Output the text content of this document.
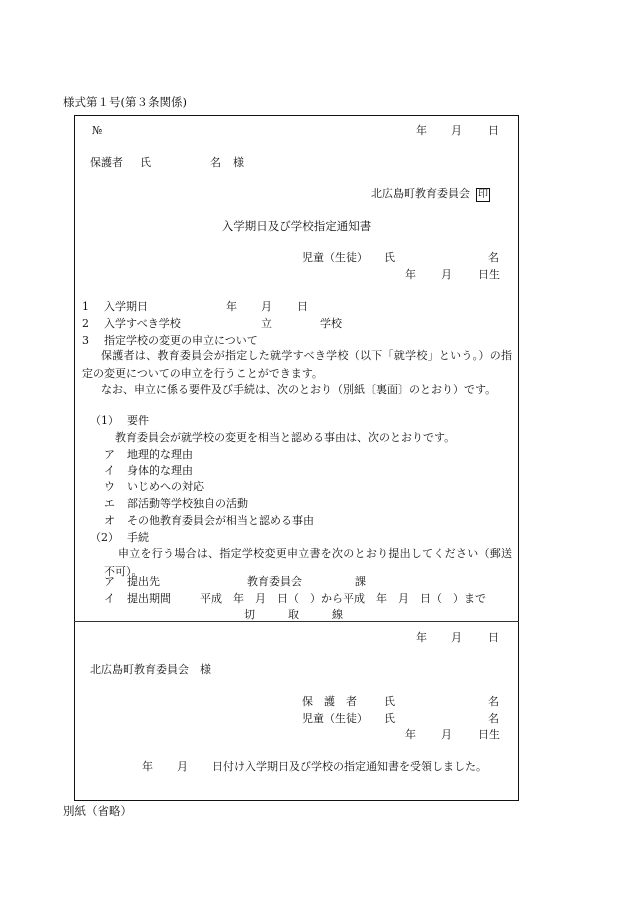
様式第１号(第３条関係)
№	年 月 日
保護者 氏	名 様
北広島町教育委員会 印
入学期日及び学校指定通知書
児童（生徒） 氏	名
年 月 日生
1 入学期日	年 月 日
2 入学すべき学校	立	学校
3 指定学校の変更の申立について
保護者は、教育委員会が指定した就学すべき学校（以下「就学校」という。）の指定の変更についての申立を行うことができます。
なお、申立に係る要件及び手続は、次のとおり（別紙〔裏面〕のとおり）です。
（1） 要件
教育委員会が就学校の変更を相当と認める事由は、次のとおりです。
ア 地理的な理由
イ 身体的な理由
ウ いじめへの対応
エ 部活動等学校独自の活動
オ その他教育委員会が相当と認める事由
（2） 手続
申立を行う場合は、指定学校変更申立書を次のとおり提出してください（郵送不可）。
ア 提出先	教育委員会	課
イ 提出期間	平成　年　月　日（　）から平成　年　月　日（　）まで
切　　　取　　　線
年 月 日
北広島町教育委員会　様
保　護　者 氏	名
児童（生徒） 氏	名
年 月 日生
年 月 日付け入学期日及び学校の指定通知書を受領しました。
別紙（省略）
